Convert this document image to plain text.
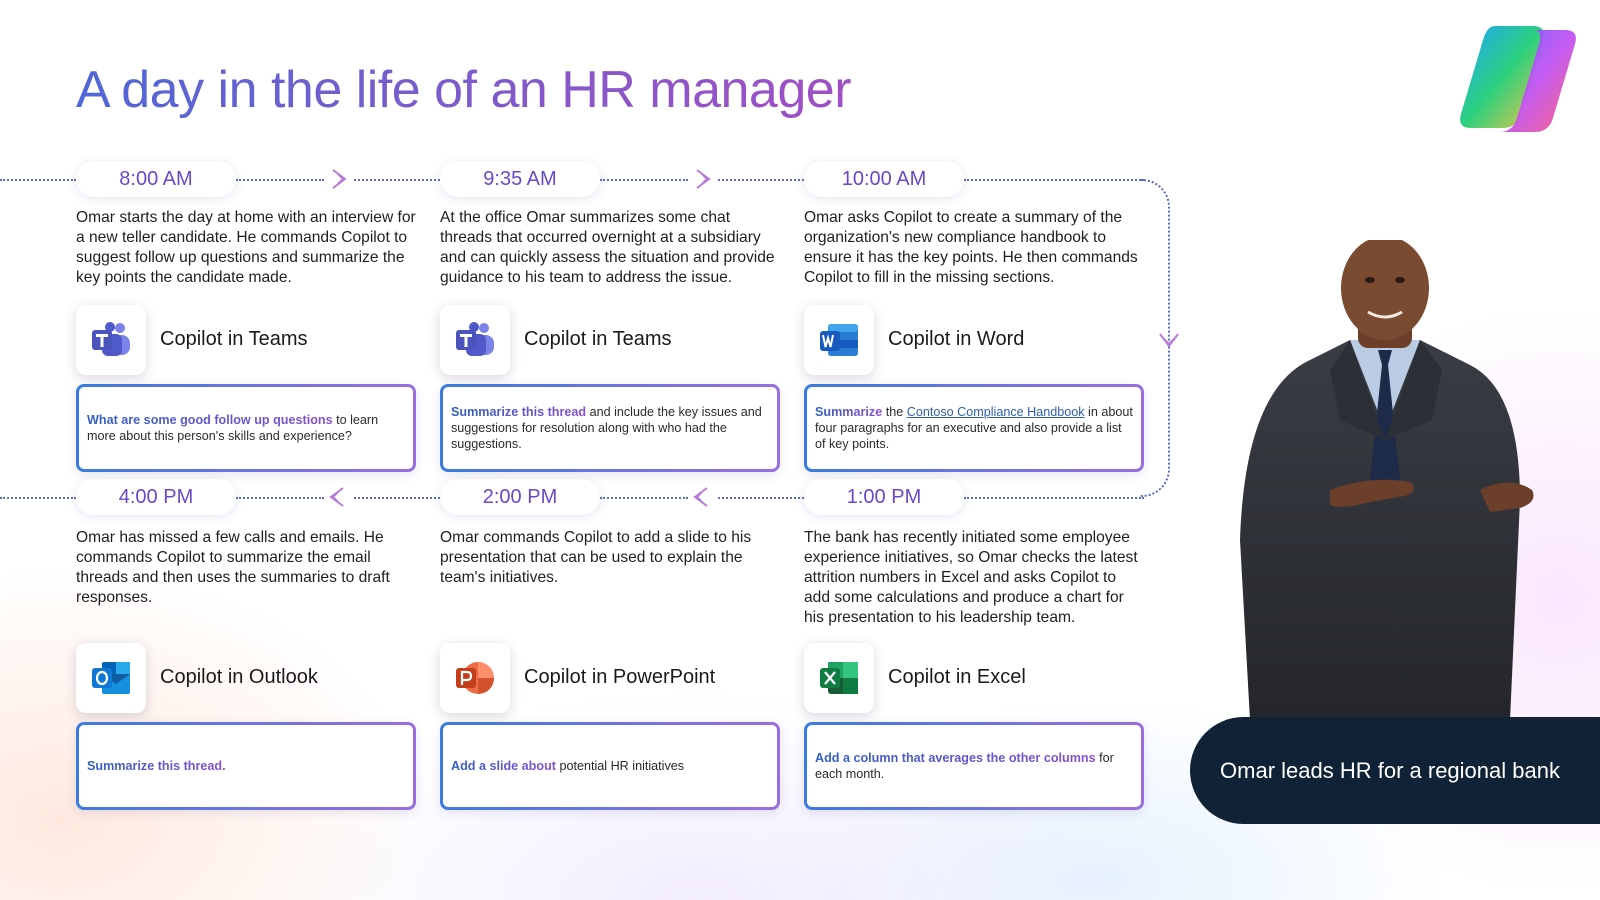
A day in the life of an HR manager
8:00 AM
Omar starts the day at home with an interview for a new teller candidate. He commands Copilot to suggest follow up questions and summarize the key points the candidate made.
Copilot in Teams
What are some good follow up questions to learn more about this person's skills and experience?
9:35 AM
At the office Omar summarizes some chat threads that occurred overnight at a subsidiary and can quickly assess the situation and provide guidance to his team to address the issue.
Copilot in Teams
Summarize this thread and include the key issues and suggestions for resolution along with who had the suggestions.
10:00 AM
Omar asks Copilot to create a summary of the organization's new compliance handbook to ensure it has the key points. He then commands Copilot to fill in the missing sections.
Copilot in Word
Summarize the Contoso Compliance Handbook in about four paragraphs for an executive and also provide a list of key points.
4:00 PM
Omar has missed a few calls and emails. He commands Copilot to summarize the email threads and then uses the summaries to draft responses.
Copilot in Outlook
Summarize this thread.
2:00 PM
Omar commands Copilot to add a slide to his presentation that can be used to explain the team's initiatives.
Copilot in PowerPoint
Add a slide about potential HR initiatives
1:00 PM
The bank has recently initiated some employee experience initiatives, so Omar checks the latest attrition numbers in Excel and asks Copilot to add some calculations and produce a chart for his presentation to his leadership team.
Copilot in Excel
Add a column that averages the other columns for each month.	Omar leads HR for a regional bank
